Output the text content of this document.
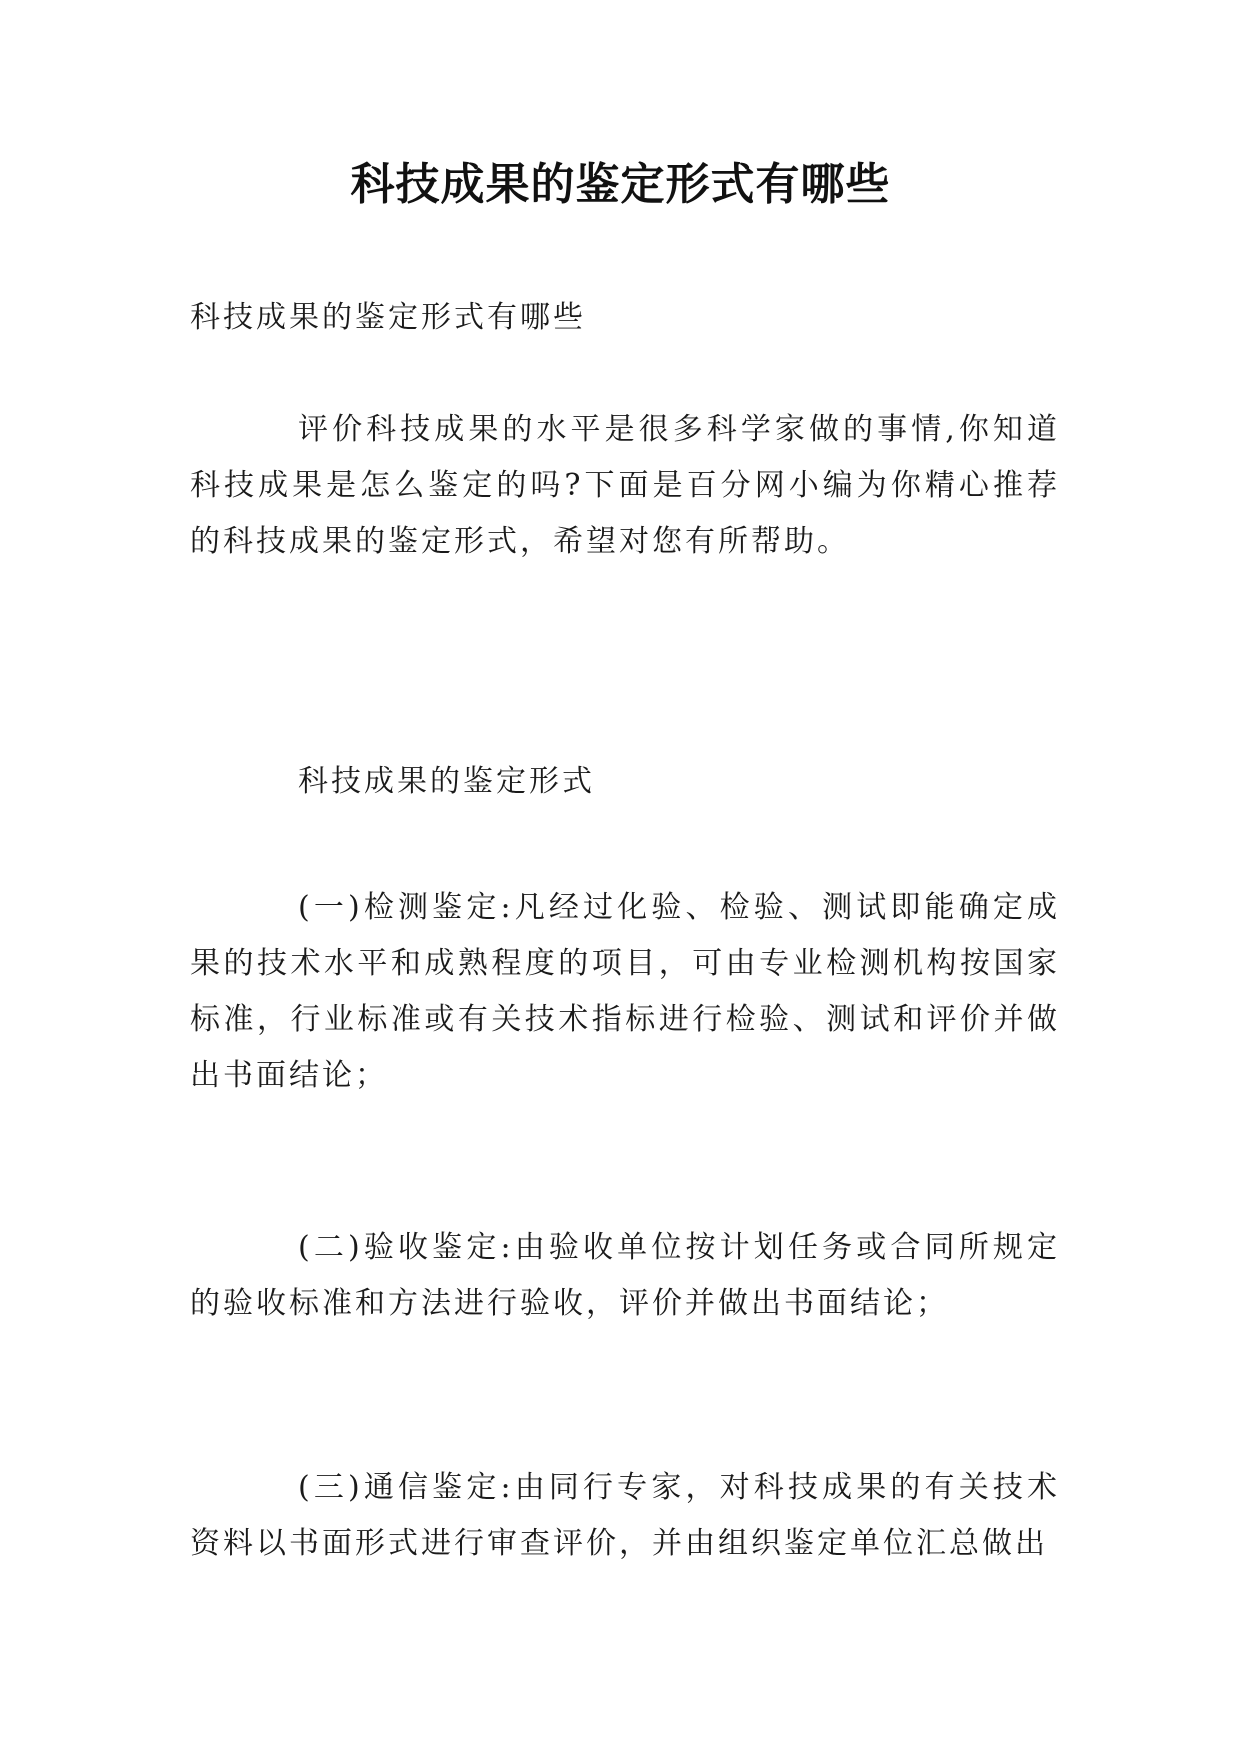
科技成果的鉴定形式有哪些

科技成果的鉴定形式有哪些

评价科技成果的水平是很多科学家做的事情,你知道科技成果是怎么鉴定的吗?下面是百分网小编为你精心推荐的科技成果的鉴定形式，希望对您有所帮助。

科技成果的鉴定形式

(一)检测鉴定:凡经过化验、检验、测试即能确定成果的技术水平和成熟程度的项目，可由专业检测机构按国家标准，行业标准或有关技术指标进行检验、测试和评价并做出书面结论；

(二)验收鉴定:由验收单位按计划任务或合同所规定的验收标准和方法进行验收，评价并做出书面结论；

(三)通信鉴定:由同行专家，对科技成果的有关技术资料以书面形式进行审查评价，并由组织鉴定单位汇总做出
